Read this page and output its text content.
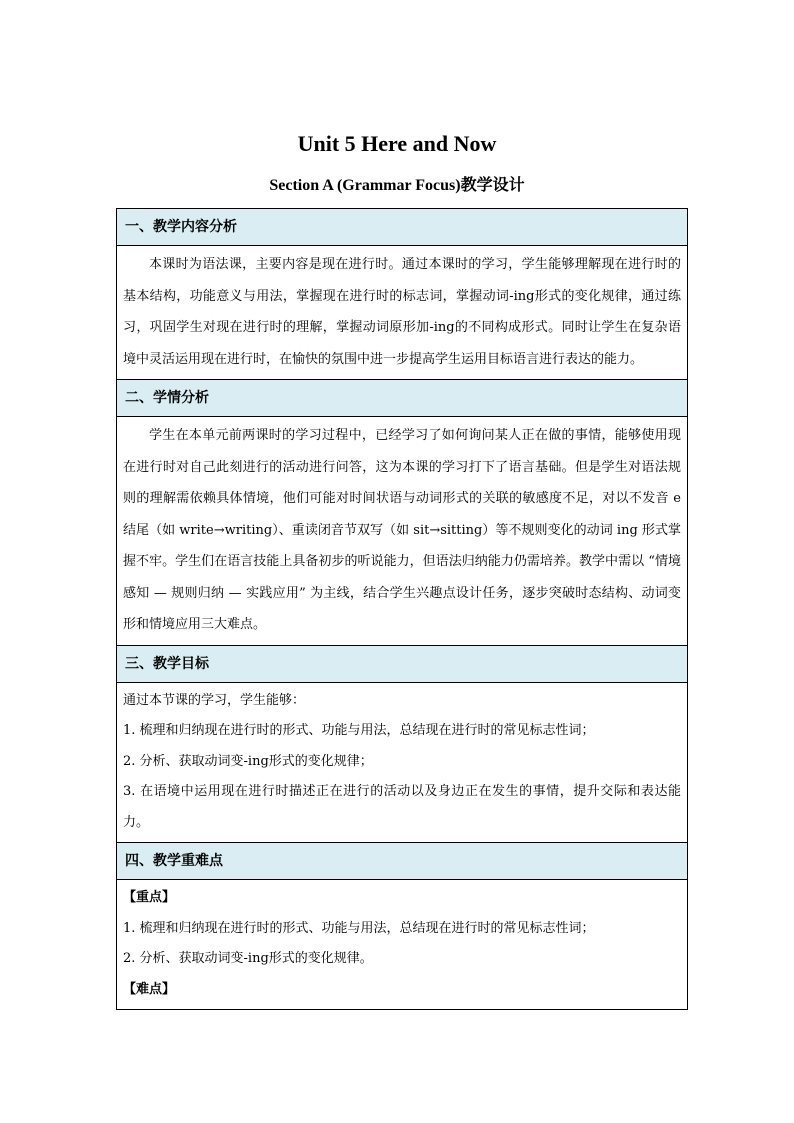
Unit 5 Here and Now
Section A (Grammar Focus)教学设计
一、教学内容分析

本课时为语法课，主要内容是现在进行时。通过本课时的学习，学生能够理解现在进行时的基本结构，功能意义与用法，掌握现在进行时的标志词，掌握动词-ing形式的变化规律，通过练习，巩固学生对现在进行时的理解，掌握动词原形加-ing的不同构成形式。同时让学生在复杂语境中灵活运用现在进行时，在愉快的氛围中进一步提高学生运用目标语言进行表达的能力。

二、学情分析

学生在本单元前两课时的学习过程中，已经学习了如何询问某人正在做的事情，能够使用现在进行时对自己此刻进行的活动进行问答，这为本课的学习打下了语言基础。但是学生对语法规则的理解需依赖具体情境，他们可能对时间状语与动词形式的关联的敏感度不足，对以不发音 e 结尾（如 write→writing）、重读闭音节双写（如 sit→sitting）等不规则变化的动词 ing 形式掌握不牢。学生们在语言技能上具备初步的听说能力，但语法归纳能力仍需培养。教学中需以 “情境感知 — 规则归纳 — 实践应用” 为主线，结合学生兴趣点设计任务，逐步突破时态结构、动词变形和情境应用三大难点。

三、教学目标

通过本节课的学习，学生能够：

1. 梳理和归纳现在进行时的形式、功能与用法，总结现在进行时的常见标志性词；

2. 分析、获取动词变-ing形式的变化规律；

3. 在语境中运用现在进行时描述正在进行的活动以及身边正在发生的事情，提升交际和表达能力。

四、教学重难点

【重点】

1. 梳理和归纳现在进行时的形式、功能与用法，总结现在进行时的常见标志性词；

2. 分析、获取动词变-ing形式的变化规律。

【难点】
